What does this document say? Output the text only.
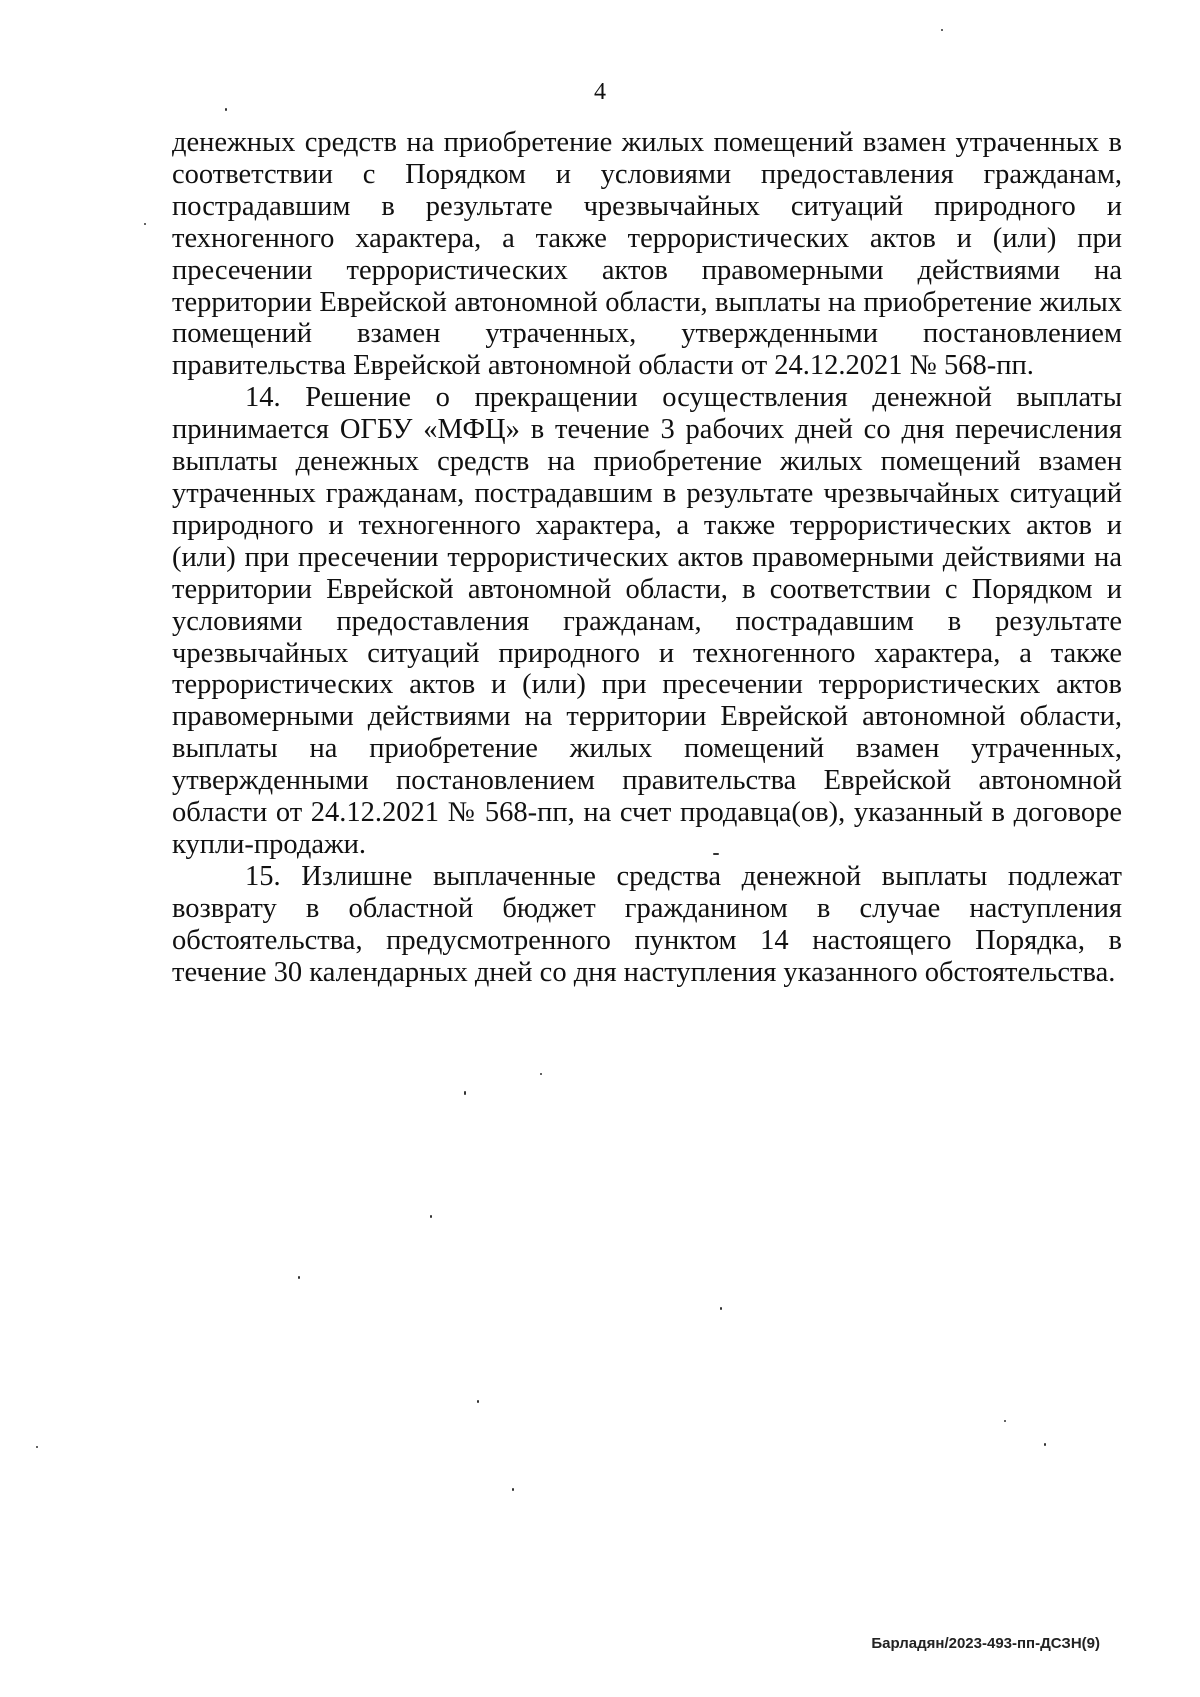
4

денежных средств на приобретение жилых помещений взамен утраченных в соответствии с Порядком и условиями предоставления гражданам, пострадавшим в результате чрезвычайных ситуаций природного и техногенного характера, а также террористических актов и (или) при пресечении террористических актов правомерными действиями на территории Еврейской автономной области, выплаты на приобретение жилых помещений взамен утраченных, утвержденными постановлением правительства Еврейской автономной области от 24.12.2021 № 568-пп.

14. Решение о прекращении осуществления денежной выплаты принимается ОГБУ «МФЦ» в течение 3 рабочих дней со дня перечисления выплаты денежных средств на приобретение жилых помещений взамен утраченных гражданам, пострадавшим в результате чрезвычайных ситуаций природного и техногенного характера, а также террористических актов и (или) при пресечении террористических актов правомерными действиями на территории Еврейской автономной области, в соответствии с Порядком и условиями предоставления гражданам, пострадавшим в результате чрезвычайных ситуаций природного и техногенного характера, а также террористических актов и (или) при пресечении террористических актов правомерными действиями на территории Еврейской автономной области, выплаты на приобретение жилых помещений взамен утраченных, утвержденными постановлением правительства Еврейской автономной области от 24.12.2021 № 568-пп, на счет продавца(ов), указанный в договоре купли-продажи.

15. Излишне выплаченные средства денежной выплаты подлежат возврату в областной бюджет гражданином в случае наступления обстоятельства, предусмотренного пунктом 14 настоящего Порядка, в течение 30 календарных дней со дня наступления указанного обстоятельства.

Барладян/2023-493-пп-ДСЗН(9)
